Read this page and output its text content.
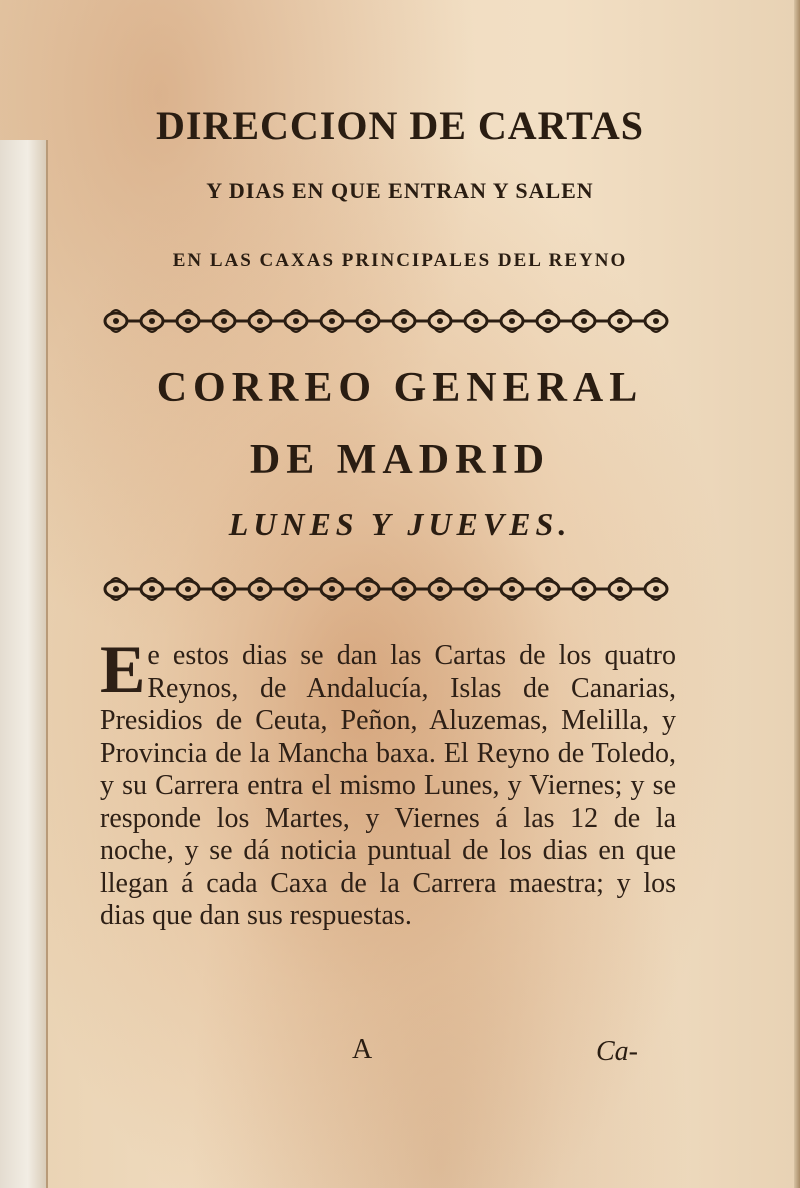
DIRECCION DE CARTAS
Y DIAS EN QUE ENTRAN Y SALEN
EN LAS CAXAS PRINCIPALES DEL REYNO
CORREO GENERAL
DE MADRID
LUNES Y JUEVES.

Ee estos dias se dan las Cartas de los quatro Reynos, de Andalucía, Islas de Canarias, Presidios de Ceuta, Peñon, Aluzemas, Melilla, y Provincia de la Mancha baxa. El Reyno de Toledo, y su Carrera entra el mismo Lunes, y Viernes; y se responde los Martes, y Viernes á las 12 de la noche, y se dá noticia puntual de los dias en que llegan á cada Caxa de la Carrera maestra; y los dias que dan sus respuestas.

A	Ca-
